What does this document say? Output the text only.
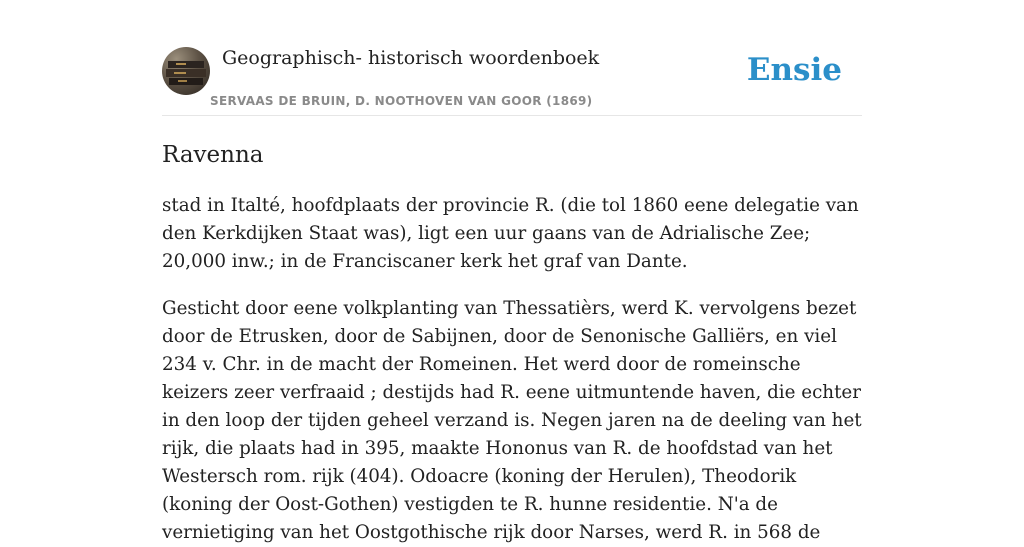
Geographisch- historisch woordenboek
SERVAAS DE BRUIN, D. NOOTHOVEN VAN GOOR (1869)
Ensie
Ravenna
stad in Italté, hoofdplaats der provincie R. (die tol 1860 eene delegatie van den Kerkdijken Staat was), ligt een uur gaans van de Adrialische Zee; 20,000 inw.; in de Franciscaner kerk het graf van Dante.
Gesticht door eene volkplanting van Thessatièrs, werd K. vervolgens bezet door de Etrusken, door de Sabijnen, door de Senonische Galliërs, en viel 234 v. Chr. in de macht der Romeinen. Het werd door de romeinsche keizers zeer verfraaid ; destijds had R. eene uitmuntende haven, die echter in den loop der tijden geheel verzand is. Negen jaren na de deeling van het rijk, die plaats had in 395, maakte Hononus van R. de hoofdstad van het Westersch rom. rijk (404). Odoacre (koning der Herulen), Theodorik (koning der Oost-Gothen) vestigden te R. hunne residentie. N'a de vernietiging van het Oostgothische rijk door Narses, werd R. in 568 de
